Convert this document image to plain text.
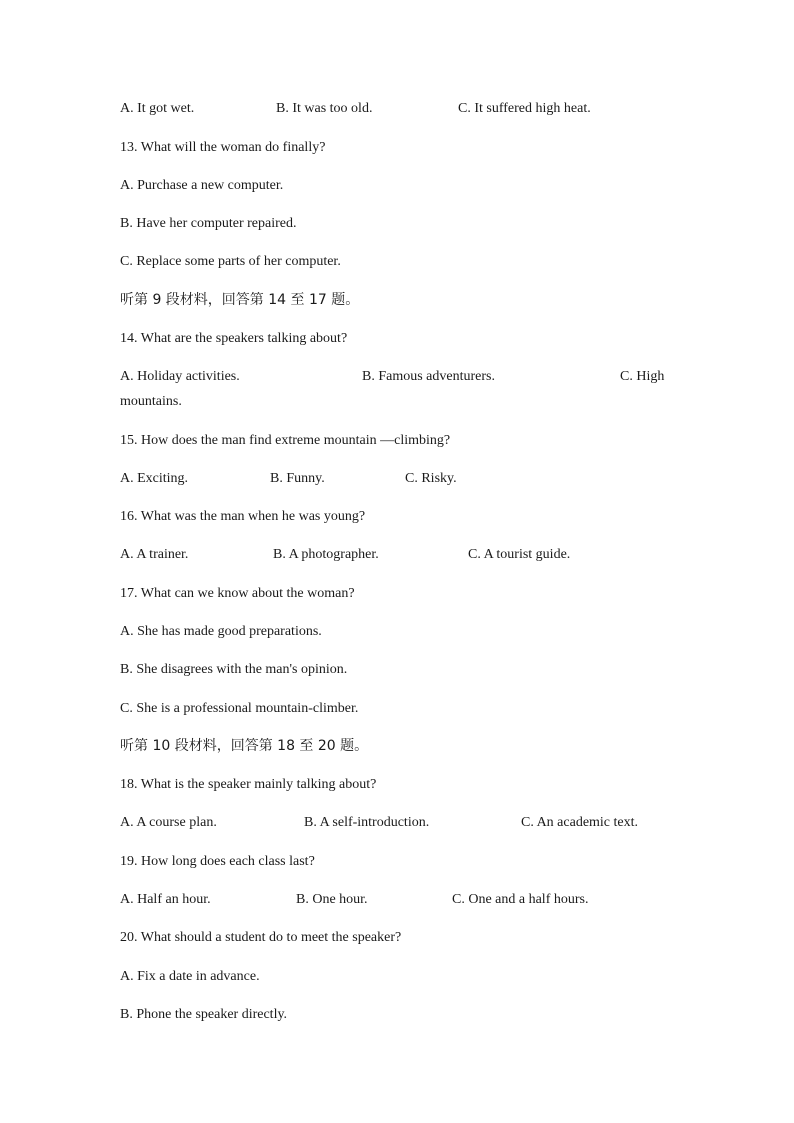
A. It got wet.	B. It was too old.	C. It suffered high heat.
13. What will the woman do finally?
A. Purchase a new computer.
B. Have her computer repaired.
C. Replace some parts of her computer.
听第 9 段材料，回答第 14 至 17 题。
14. What are the speakers talking about?
A. Holiday activities.	B. Famous adventurers.	C. High
mountains.
15. How does the man find extreme mountain —climbing?
A. Exciting.	B. Funny.	C. Risky.
16. What was the man when he was young?
A. A trainer.	B. A photographer.	C. A tourist guide.
17. What can we know about the woman?
A. She has made good preparations.
B. She disagrees with the man's opinion.
C. She is a professional mountain-climber.
听第 10 段材料，回答第 18 至 20 题。
18. What is the speaker mainly talking about?
A. A course plan.	B. A self-introduction.	C. An academic text.
19. How long does each class last?
A. Half an hour.	B. One hour.	C. One and a half hours.
20. What should a student do to meet the speaker?
A. Fix a date in advance.
B. Phone the speaker directly.
